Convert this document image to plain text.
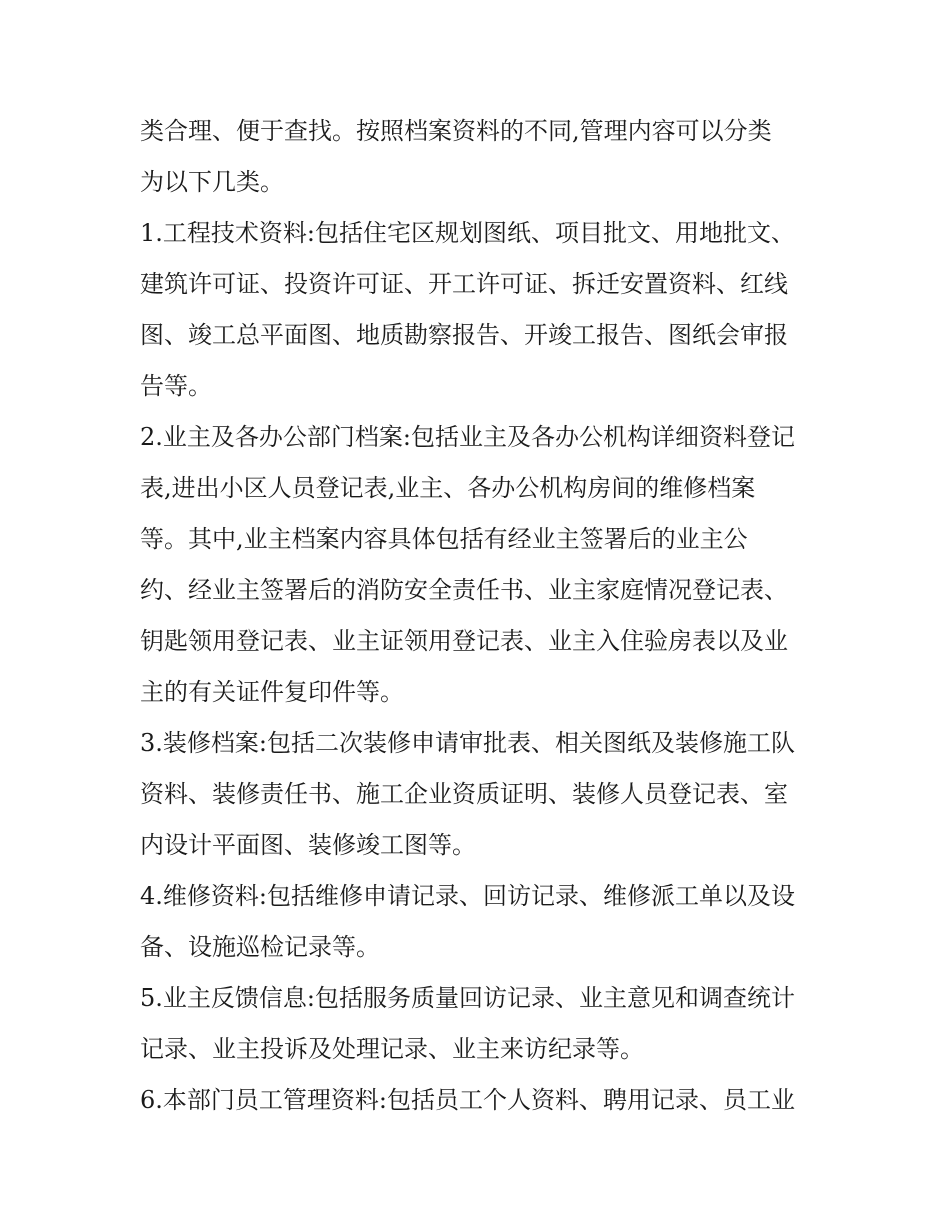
类合理、便于查找。按照档案资料的不同,管理内容可以分类
为以下几类。
1.工程技术资料:包括住宅区规划图纸、项目批文、用地批文、
建筑许可证、投资许可证、开工许可证、拆迁安置资料、红线
图、竣工总平面图、地质勘察报告、开竣工报告、图纸会审报
告等。
2.业主及各办公部门档案:包括业主及各办公机构详细资料登记
表,进出小区人员登记表,业主、各办公机构房间的维修档案
等。其中,业主档案内容具体包括有经业主签署后的业主公
约、经业主签署后的消防安全责任书、业主家庭情况登记表、
钥匙领用登记表、业主证领用登记表、业主入住验房表以及业
主的有关证件复印件等。
3.装修档案:包括二次装修申请审批表、相关图纸及装修施工队
资料、装修责任书、施工企业资质证明、装修人员登记表、室
内设计平面图、装修竣工图等。
4.维修资料:包括维修申请记录、回访记录、维修派工单以及设
备、设施巡检记录等。
5.业主反馈信息:包括服务质量回访记录、业主意见和调查统计
记录、业主投诉及处理记录、业主来访纪录等。
6.本部门员工管理资料:包括员工个人资料、聘用记录、员工业
